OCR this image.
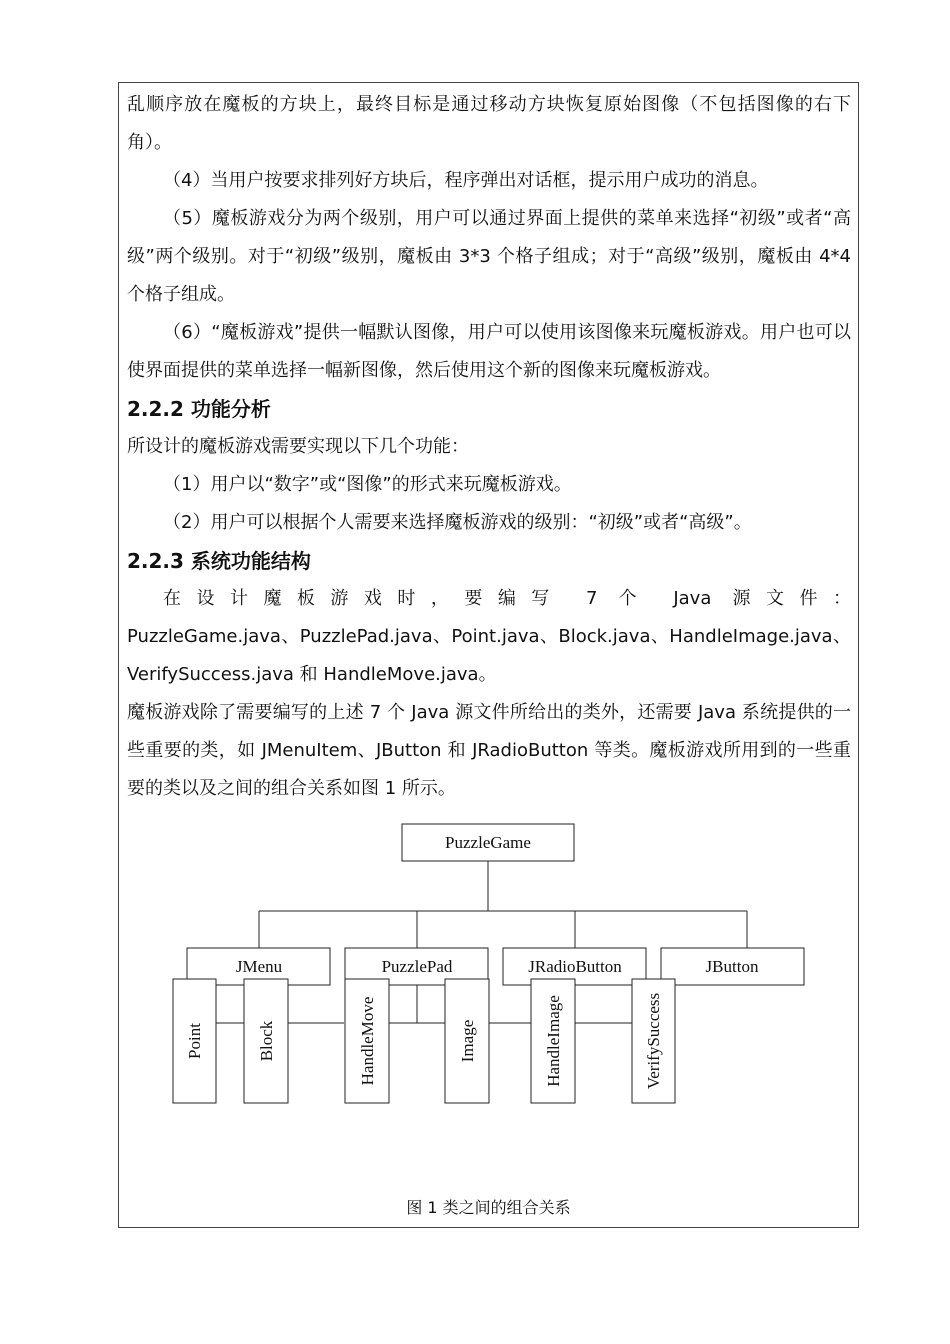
乱顺序放在魔板的方块上，最终目标是通过移动方块恢复原始图像（不包括图像的右下角）。

（4）当用户按要求排列好方块后，程序弹出对话框，提示用户成功的消息。

（5）魔板游戏分为两个级别，用户可以通过界面上提供的菜单来选择“初级”或者“高级”两个级别。对于“初级”级别，魔板由 3*3 个格子组成；对于“高级”级别，魔板由 4*4 个格子组成。

（6）“魔板游戏”提供一幅默认图像，用户可以使用该图像来玩魔板游戏。用户也可以使界面提供的菜单选择一幅新图像，然后使用这个新的图像来玩魔板游戏。

2.2.2 功能分析

所设计的魔板游戏需要实现以下几个功能：

（1）用户以“数字”或“图像”的形式来玩魔板游戏。

（2）用户可以根据个人需要来选择魔板游戏的级别：“初级”或者“高级”。

2.2.3 系统功能结构

在设计魔板游戏时，要编写 7 个 Java 源文件：

PuzzleGame.java、PuzzlePad.java、Point.java、Block.java、HandleImage.java、VerifySuccess.java 和 HandleMove.java。

魔板游戏除了需要编写的上述 7 个 Java 源文件所给出的类外，还需要 Java 系统提供的一些重要的类，如 JMenuItem、JButton 和 JRadioButton 等类。魔板游戏所用到的一些重要的类以及之间的组合关系如图 1 所示。

PuzzleGame
JMenu	PuzzlePad	JRadioButton	JButton
Point	Block	HandleMove	Image	HandleImage	VerifySuccess
图 1 类之间的组合关系
